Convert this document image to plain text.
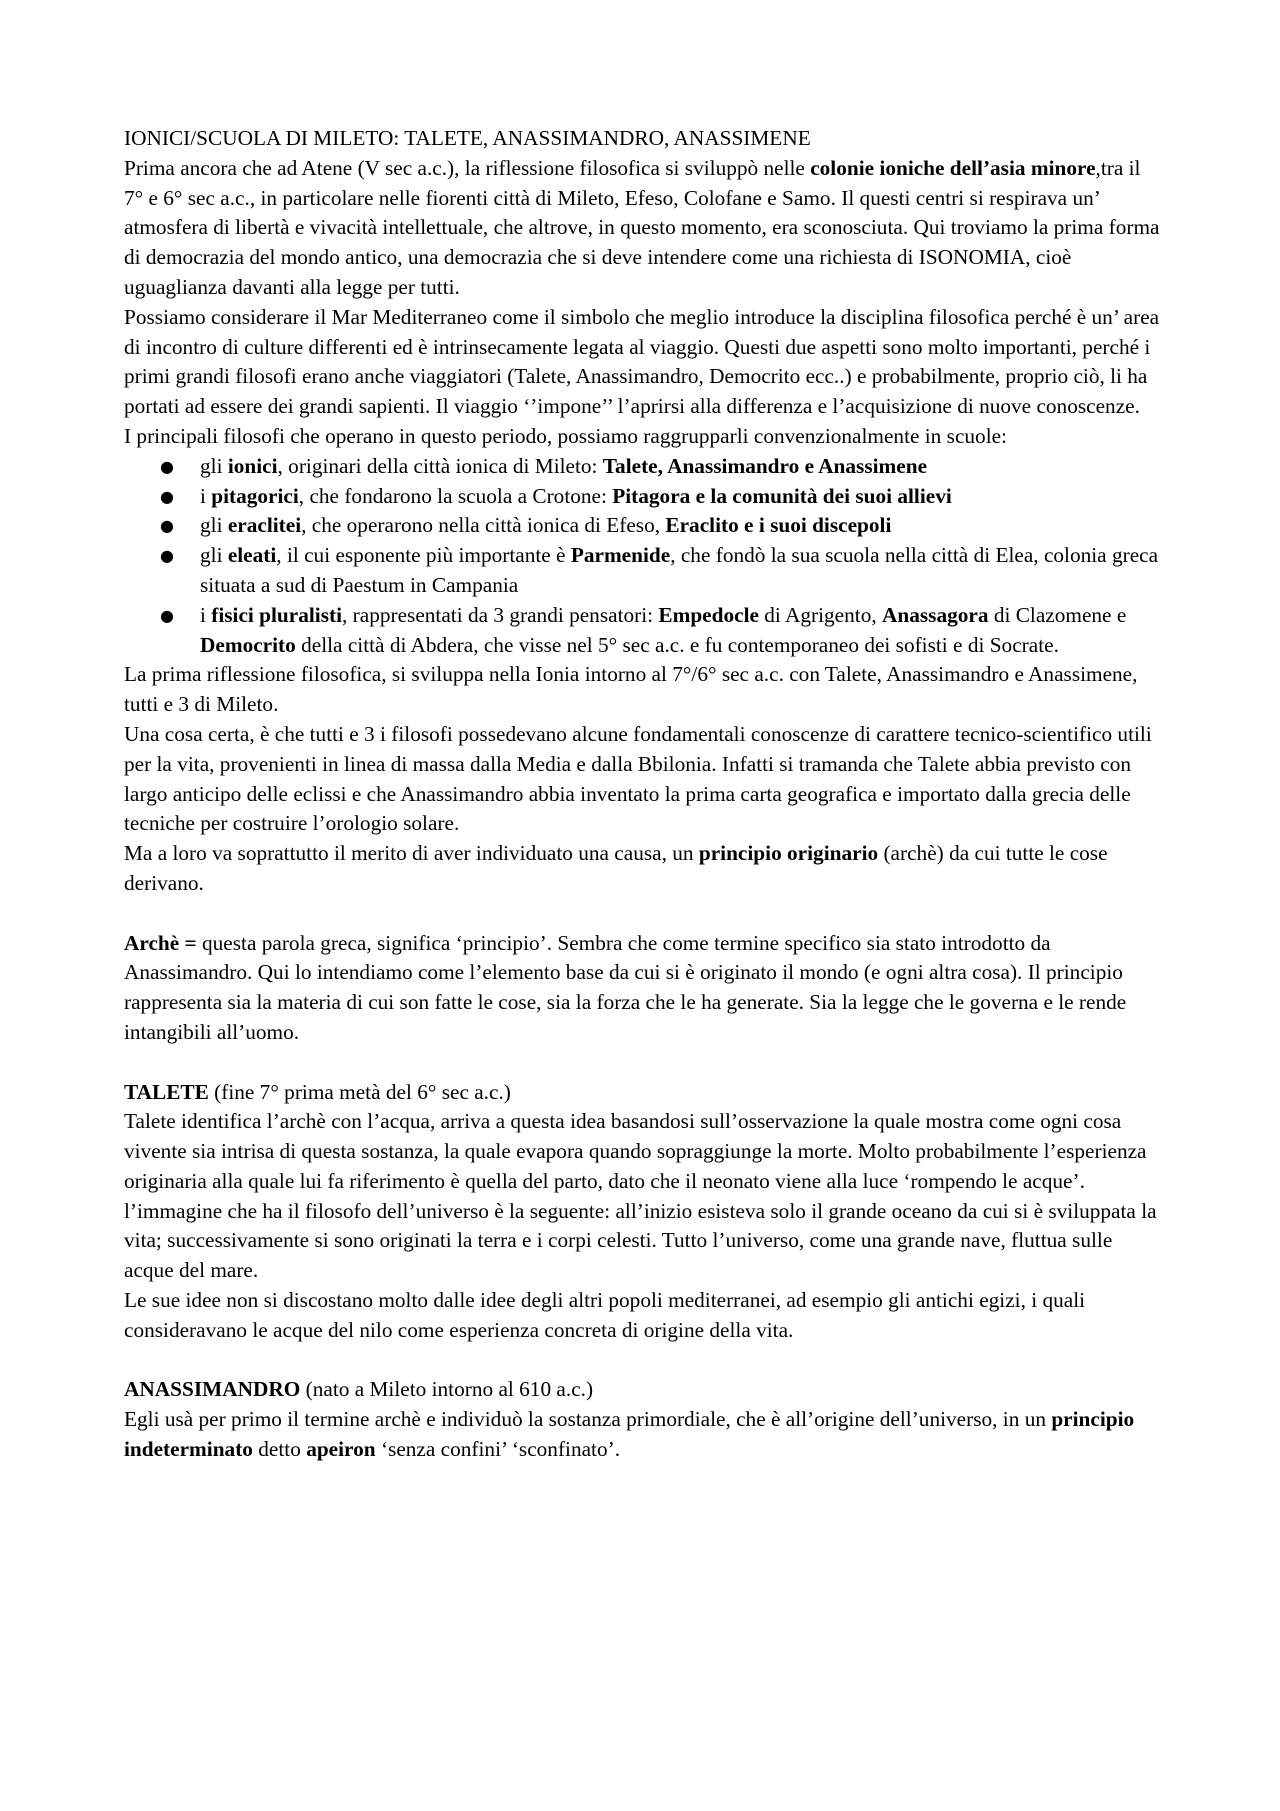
IONICI/SCUOLA DI MILETO: TALETE, ANASSIMANDRO, ANASSIMENE

Prima ancora che ad Atene (V sec a.c.), la riflessione filosofica si sviluppò nelle colonie ioniche dell’asia minore,tra il 7° e 6° sec a.c., in particolare nelle fiorenti città di Mileto, Efeso, Colofane e Samo. Il questi centri si respirava un’ atmosfera di libertà e vivacità intellettuale, che altrove, in questo momento, era sconosciuta. Qui troviamo la prima forma di democrazia del mondo antico, una democrazia che si deve intendere come una richiesta di ISONOMIA, cioè uguaglianza davanti alla legge per tutti.

Possiamo considerare il Mar Mediterraneo come il simbolo che meglio introduce la disciplina filosofica perché è un’ area di incontro di culture differenti ed è intrinsecamente legata al viaggio. Questi due aspetti sono molto importanti, perché i primi grandi filosofi erano anche viaggiatori (Talete, Anassimandro, Democrito ecc..) e probabilmente, proprio ciò, li ha portati ad essere dei grandi sapienti. Il viaggio ‘’impone’’ l’aprirsi alla differenza e l’acquisizione di nuove conoscenze.

I principali filosofi che operano in questo periodo, possiamo raggrupparli convenzionalmente in scuole:

● gli ionici, originari della città ionica di Mileto: Talete, Anassimandro e Anassimene
● i pitagorici, che fondarono la scuola a Crotone: Pitagora e la comunità dei suoi allievi
● gli eraclitei, che operarono nella città ionica di Efeso, Eraclito e i suoi discepoli
● gli eleati, il cui esponente più importante è Parmenide, che fondò la sua scuola nella città di Elea, colonia greca situata a sud di Paestum in Campania
● i fisici pluralisti, rappresentati da 3 grandi pensatori: Empedocle di Agrigento, Anassagora di Clazomene e Democrito della città di Abdera, che visse nel 5° sec a.c. e fu contemporaneo dei sofisti e di Socrate.

La prima riflessione filosofica, si sviluppa nella Ionia intorno al 7°/6° sec a.c. con Talete, Anassimandro e Anassimene, tutti e 3 di Mileto.

Una cosa certa, è che tutti e 3 i filosofi possedevano alcune fondamentali conoscenze di carattere tecnico-scientifico utili per la vita, provenienti in linea di massa dalla Media e dalla Bbilonia. Infatti si tramanda che Talete abbia previsto con largo anticipo delle eclissi e che Anassimandro abbia inventato la prima carta geografica e importato dalla grecia delle tecniche per costruire l’orologio solare.

Ma a loro va soprattutto il merito di aver individuato una causa, un principio originario (archè) da cui tutte le cose derivano.

Archè = questa parola greca, significa ‘principio’. Sembra che come termine specifico sia stato introdotto da Anassimandro. Qui lo intendiamo come l’elemento base da cui si è originato il mondo (e ogni altra cosa). Il principio rappresenta sia la materia di cui son fatte le cose, sia la forza che le ha generate. Sia la legge che le governa e le rende intangibili all’uomo.

TALETE (fine 7° prima metà del 6° sec a.c.)

Talete identifica l’archè con l’acqua, arriva a questa idea basandosi sull’osservazione la quale mostra come ogni cosa vivente sia intrisa di questa sostanza, la quale evapora quando sopraggiunge la morte. Molto probabilmente l’esperienza originaria alla quale lui fa riferimento è quella del parto, dato che il neonato viene alla luce ‘rompendo le acque’.

l’immagine che ha il filosofo dell’universo è la seguente: all’inizio esisteva solo il grande oceano da cui si è sviluppata la vita; successivamente si sono originati la terra e i corpi celesti. Tutto l’universo, come una grande nave, fluttua sulle acque del mare.

Le sue idee non si discostano molto dalle idee degli altri popoli mediterranei, ad esempio gli antichi egizi, i quali consideravano le acque del nilo come esperienza concreta di origine della vita.

ANASSIMANDRO (nato a Mileto intorno al 610 a.c.)

Egli usà per primo il termine archè e individuò la sostanza primordiale, che è all’origine dell’universo, in un principio indeterminato detto apeiron ‘senza confini’ ‘sconfinato’.
